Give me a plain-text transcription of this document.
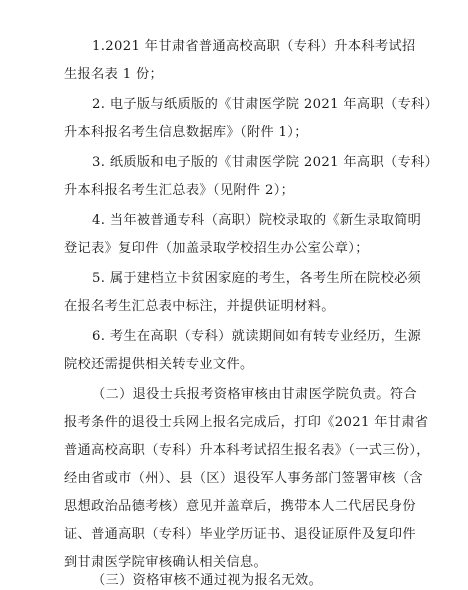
1.2021 年甘肃省普通高校高职（专科）升本科考试招
生报名表 1 份；
2. 电子版与纸质版的《甘肃医学院 2021 年高职（专科）
升本科报名考生信息数据库》（附件 1）；
3. 纸质版和电子版的《甘肃医学院 2021 年高职（专科）
升本科报名考生汇总表》（见附件 2）；
4. 当年被普通专科（高职）院校录取的《新生录取简明
登记表》复印件（加盖录取学校招生办公室公章）；
5. 属于建档立卡贫困家庭的考生，各考生所在院校必须
在报名考生汇总表中标注，并提供证明材料。
6. 考生在高职（专科）就读期间如有转专业经历，生源
院校还需提供相关转专业文件。
（二）退役士兵报考资格审核由甘肃医学院负责。符合
报考条件的退役士兵网上报名完成后，打印《2021 年甘肃省
普通高校高职（专科）升本科考试招生报名表》（一式三份），
经由省或市（州）、县（区）退役军人事务部门签署审核（含
思想政治品德考核）意见并盖章后，携带本人二代居民身份
证、普通高职（专科）毕业学历证书、退役证原件及复印件
到甘肃医学院审核确认相关信息。
（三）资格审核不通过视为报名无效。
